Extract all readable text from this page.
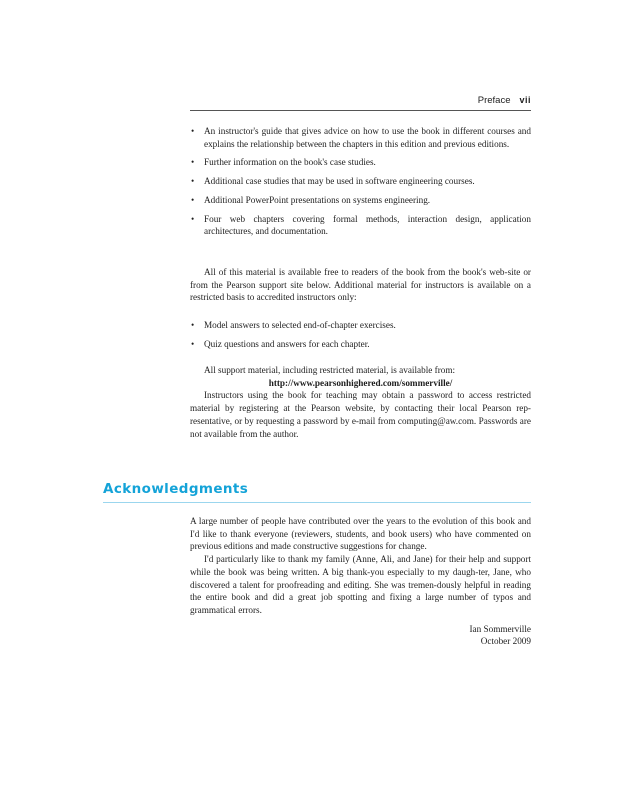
Preface vii
• An instructor's guide that gives advice on how to use the book in different courses and explains the relationship between the chapters in this edition and previous editions.
• Further information on the book's case studies.
• Additional case studies that may be used in software engineering courses.
• Additional PowerPoint presentations on systems engineering.
• Four web chapters covering formal methods, interaction design, application architectures, and documentation.

All of this material is available free to readers of the book from the book's web-site or from the Pearson support site below. Additional material for instructors is available on a restricted basis to accredited instructors only:

• Model answers to selected end-of-chapter exercises.
• Quiz questions and answers for each chapter.

All support material, including restricted material, is available from:

http://www.pearsonhighered.com/sommerville/

Instructors using the book for teaching may obtain a password to access restricted material by registering at the Pearson website, by contacting their local Pearson rep-resentative, or by requesting a password by e-mail from computing@aw.com. Passwords are not available from the author.

Acknowledgments

A large number of people have contributed over the years to the evolution of this book and I'd like to thank everyone (reviewers, students, and book users) who have commented on previous editions and made constructive suggestions for change.

I'd particularly like to thank my family (Anne, Ali, and Jane) for their help and support while the book was being written. A big thank-you especially to my daugh-ter, Jane, who discovered a talent for proofreading and editing. She was tremen-dously helpful in reading the entire book and did a great job spotting and fixing a large number of typos and grammatical errors.

Ian Sommerville

October 2009
